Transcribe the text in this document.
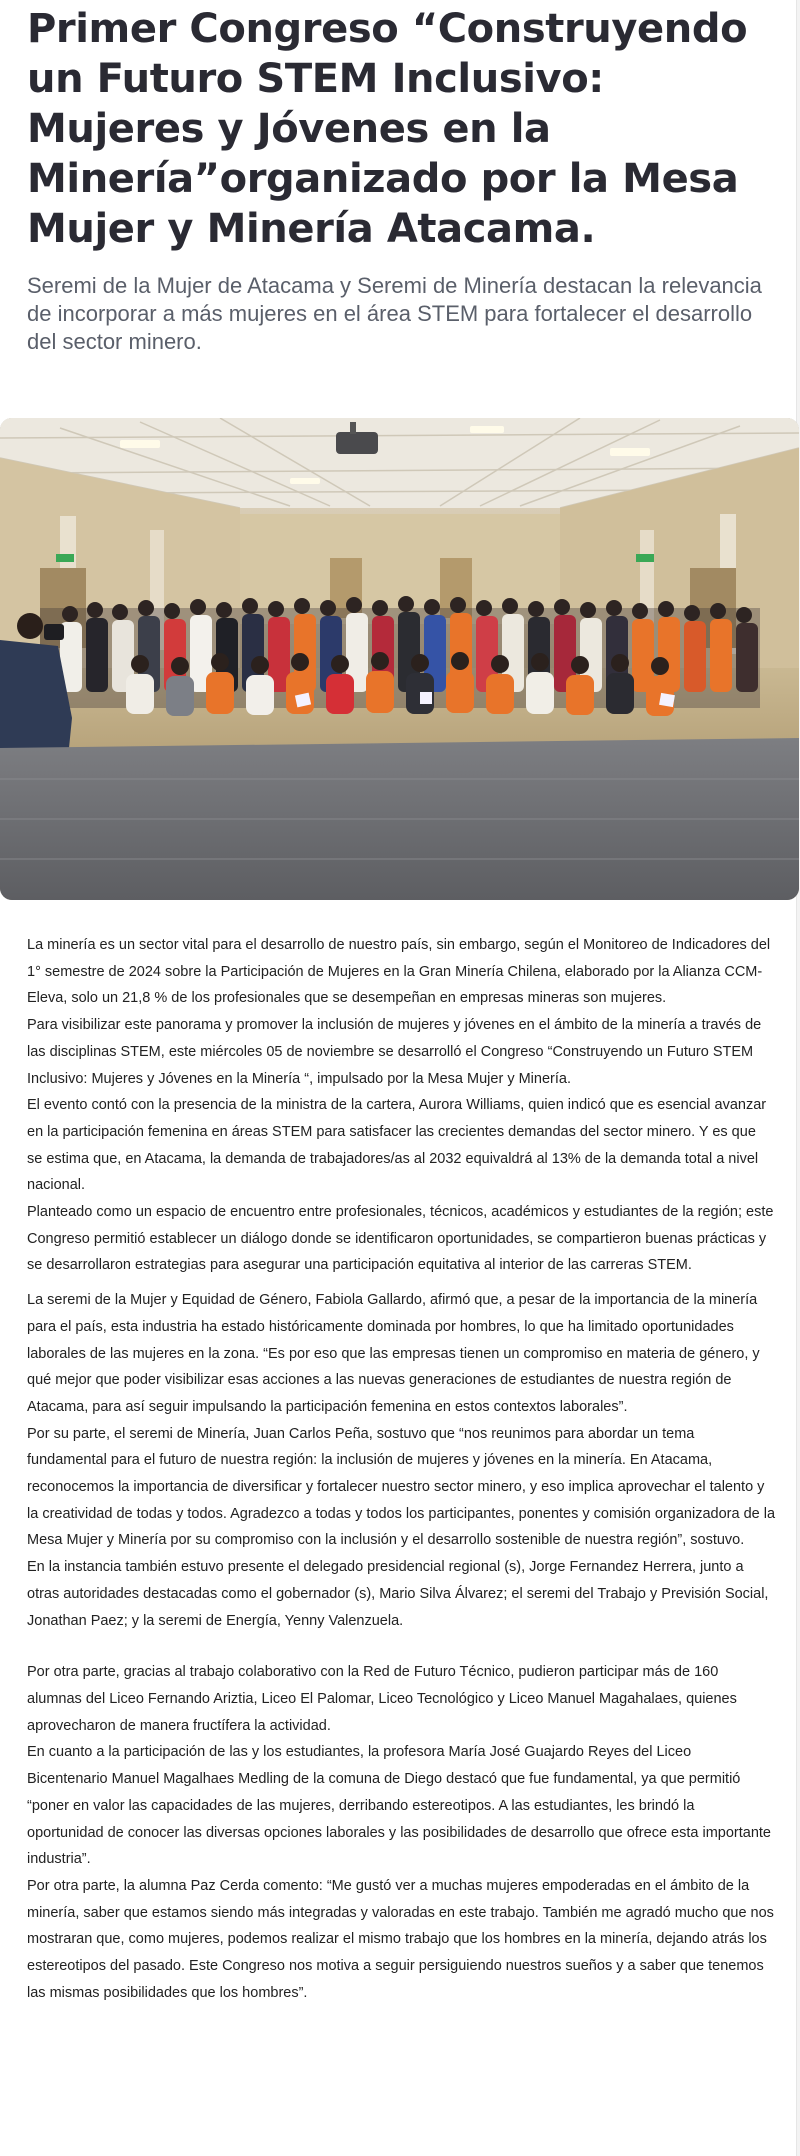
Primer Congreso “Construyendo un Futuro STEM Inclusivo: Mujeres y Jóvenes en la Minería”organizado por la Mesa Mujer y Minería Atacama.

Seremi de la Mujer de Atacama y Seremi de Minería destacan la relevancia de incorporar a más mujeres en el área STEM para fortalecer el desarrollo del sector minero.

La minería es un sector vital para el desarrollo de nuestro país, sin embargo, según el Monitoreo de Indicadores del 1° semestre de 2024 sobre la Participación de Mujeres en la Gran Minería Chilena, elaborado por la Alianza CCM-Eleva, solo un 21,8 % de los profesionales que se desempeñan en empresas mineras son mujeres.

Para visibilizar este panorama y promover la inclusión de mujeres y jóvenes en el ámbito de la minería a través de las disciplinas STEM, este miércoles 05 de noviembre se desarrolló el Congreso “Construyendo un Futuro STEM Inclusivo: Mujeres y Jóvenes en la Minería “, impulsado por la Mesa Mujer y Minería.

El evento contó con la presencia de la ministra de la cartera, Aurora Williams, quien indicó que es esencial avanzar en la participación femenina en áreas STEM para satisfacer las crecientes demandas del sector minero. Y es que se estima que, en Atacama, la demanda de trabajadores/as al 2032 equivaldrá al 13% de la demanda total a nivel nacional.

Planteado como un espacio de encuentro entre profesionales, técnicos, académicos y estudiantes de la región; este Congreso permitió establecer un diálogo donde se identificaron oportunidades, se compartieron buenas prácticas y se desarrollaron estrategias para asegurar una participación equitativa al interior de las carreras STEM.

La seremi de la Mujer y Equidad de Género, Fabiola Gallardo, afirmó que, a pesar de la importancia de la minería para el país, esta industria ha estado históricamente dominada por hombres, lo que ha limitado oportunidades laborales de las mujeres en la zona. “Es por eso que las empresas tienen un compromiso en materia de género, y qué mejor que poder visibilizar esas acciones a las nuevas generaciones de estudiantes de nuestra región de Atacama, para así seguir impulsando la participación femenina en estos contextos laborales”.

Por su parte, el seremi de Minería, Juan Carlos Peña, sostuvo que “nos reunimos para abordar un tema fundamental para el futuro de nuestra región: la inclusión de mujeres y jóvenes en la minería. En Atacama, reconocemos la importancia de diversificar y fortalecer nuestro sector minero, y eso implica aprovechar el talento y la creatividad de todas y todos. Agradezco a todas y todos los participantes, ponentes y comisión organizadora de la Mesa Mujer y Minería por su compromiso con la inclusión y el desarrollo sostenible de nuestra región”, sostuvo.

En la instancia también estuvo presente el delegado presidencial regional (s), Jorge Fernandez Herrera, junto a otras autoridades destacadas como el gobernador (s), Mario Silva Álvarez; el seremi del Trabajo y Previsión Social, Jonathan Paez; y la seremi de Energía, Yenny Valenzuela.

Por otra parte, gracias al trabajo colaborativo con la Red de Futuro Técnico, pudieron participar más de 160 alumnas del Liceo Fernando Ariztia, Liceo El Palomar, Liceo Tecnológico y Liceo Manuel Magahalaes, quienes aprovecharon de manera fructífera la actividad.

En cuanto a la participación de las y los estudiantes, la profesora María José Guajardo Reyes del Liceo Bicentenario Manuel Magalhaes Medling de la comuna de Diego destacó que fue fundamental, ya que permitió “poner en valor las capacidades de las mujeres, derribando estereotipos. A las estudiantes, les brindó la oportunidad de conocer las diversas opciones laborales y las posibilidades de desarrollo que ofrece esta importante industria”.

Por otra parte, la alumna Paz Cerda comento: “Me gustó ver a muchas mujeres empoderadas en el ámbito de la minería, saber que estamos siendo más integradas y valoradas en este trabajo. También me agradó mucho que nos mostraran que, como mujeres, podemos realizar el mismo trabajo que los hombres en la minería, dejando atrás los estereotipos del pasado. Este Congreso nos motiva a seguir persiguiendo nuestros sueños y a saber que tenemos las mismas posibilidades que los hombres”.
